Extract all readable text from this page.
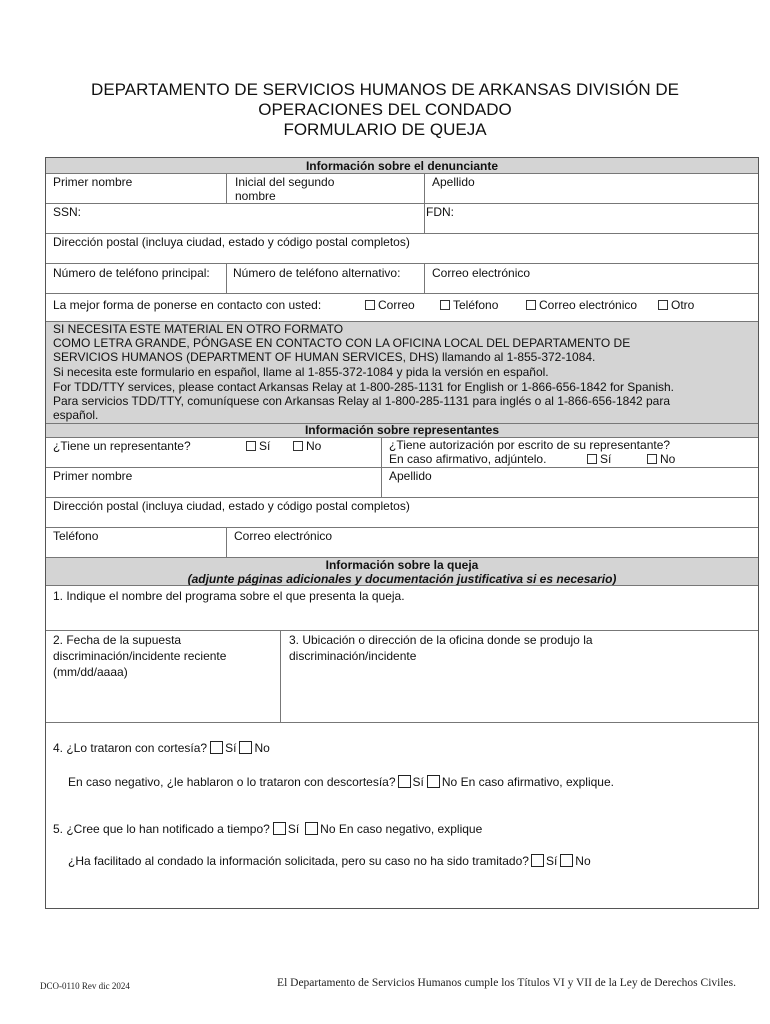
DEPARTAMENTO DE SERVICIOS HUMANOS DE ARKANSAS DIVISIÓN DE
OPERACIONES DEL CONDADO
FORMULARIO DE QUEJA
Información sobre el denunciante
Primer nombre	Inicial del segundo
nombre
Apellido
SSN:	FDN:
Dirección postal (incluya ciudad, estado y código postal completos)
Número de teléfono principal: Número de teléfono alternativo:	Correo electrónico
La mejor forma de ponerse en contacto con usted:	Correo	Teléfono	Correo electrónico	Otro
SI NECESITA ESTE MATERIAL EN OTRO FORMATO
COMO LETRA GRANDE, PÓNGASE EN CONTACTO CON LA OFICINA LOCAL DEL DEPARTAMENTO DE
SERVICIOS HUMANOS (DEPARTMENT OF HUMAN SERVICES, DHS) llamando al 1-855-372-1084.
Si necesita este formulario en español, llame al 1-855-372-1084 y pida la versión en español.
For TDD/TTY services, please contact Arkansas Relay at 1-800-285-1131 for English or 1-866-656-1842 for Spanish.
Para servicios TDD/TTY, comuníquese con Arkansas Relay al 1-800-285-1131 para inglés o al 1-866-656-1842 para
español.
Información sobre representantes
¿Tiene un representante?	Sí	No	¿Tiene autorización por escrito de su representante?
En caso afirmativo, adjúntelo.	Sí	No
Primer nombre	Apellido
Dirección postal (incluya ciudad, estado y código postal completos)
Teléfono	Correo electrónico
Información sobre la queja
(adjunte páginas adicionales y documentación justificativa si es necesario)
1. Indique el nombre del programa sobre el que presenta la queja.
2. Fecha de la supuesta
discriminación/incidente reciente
(mm/dd/aaaa)
3. Ubicación o dirección de la oficina donde se produjo la
discriminación/incidente
4. ¿Lo trataron con cortesía? Sí No
En caso negativo, ¿le hablaron o lo trataron con descortesía? Sí No En caso afirmativo, explique.
5. ¿Cree que lo han notificado a tiempo? Sí No En caso negativo, explique
¿Ha facilitado al condado la información solicitada, pero su caso no ha sido tramitado? Sí No
DCO-0110 Rev dic 2024	El Departamento de Servicios Humanos cumple los Títulos VI y VII de la Ley de Derechos Civiles.
